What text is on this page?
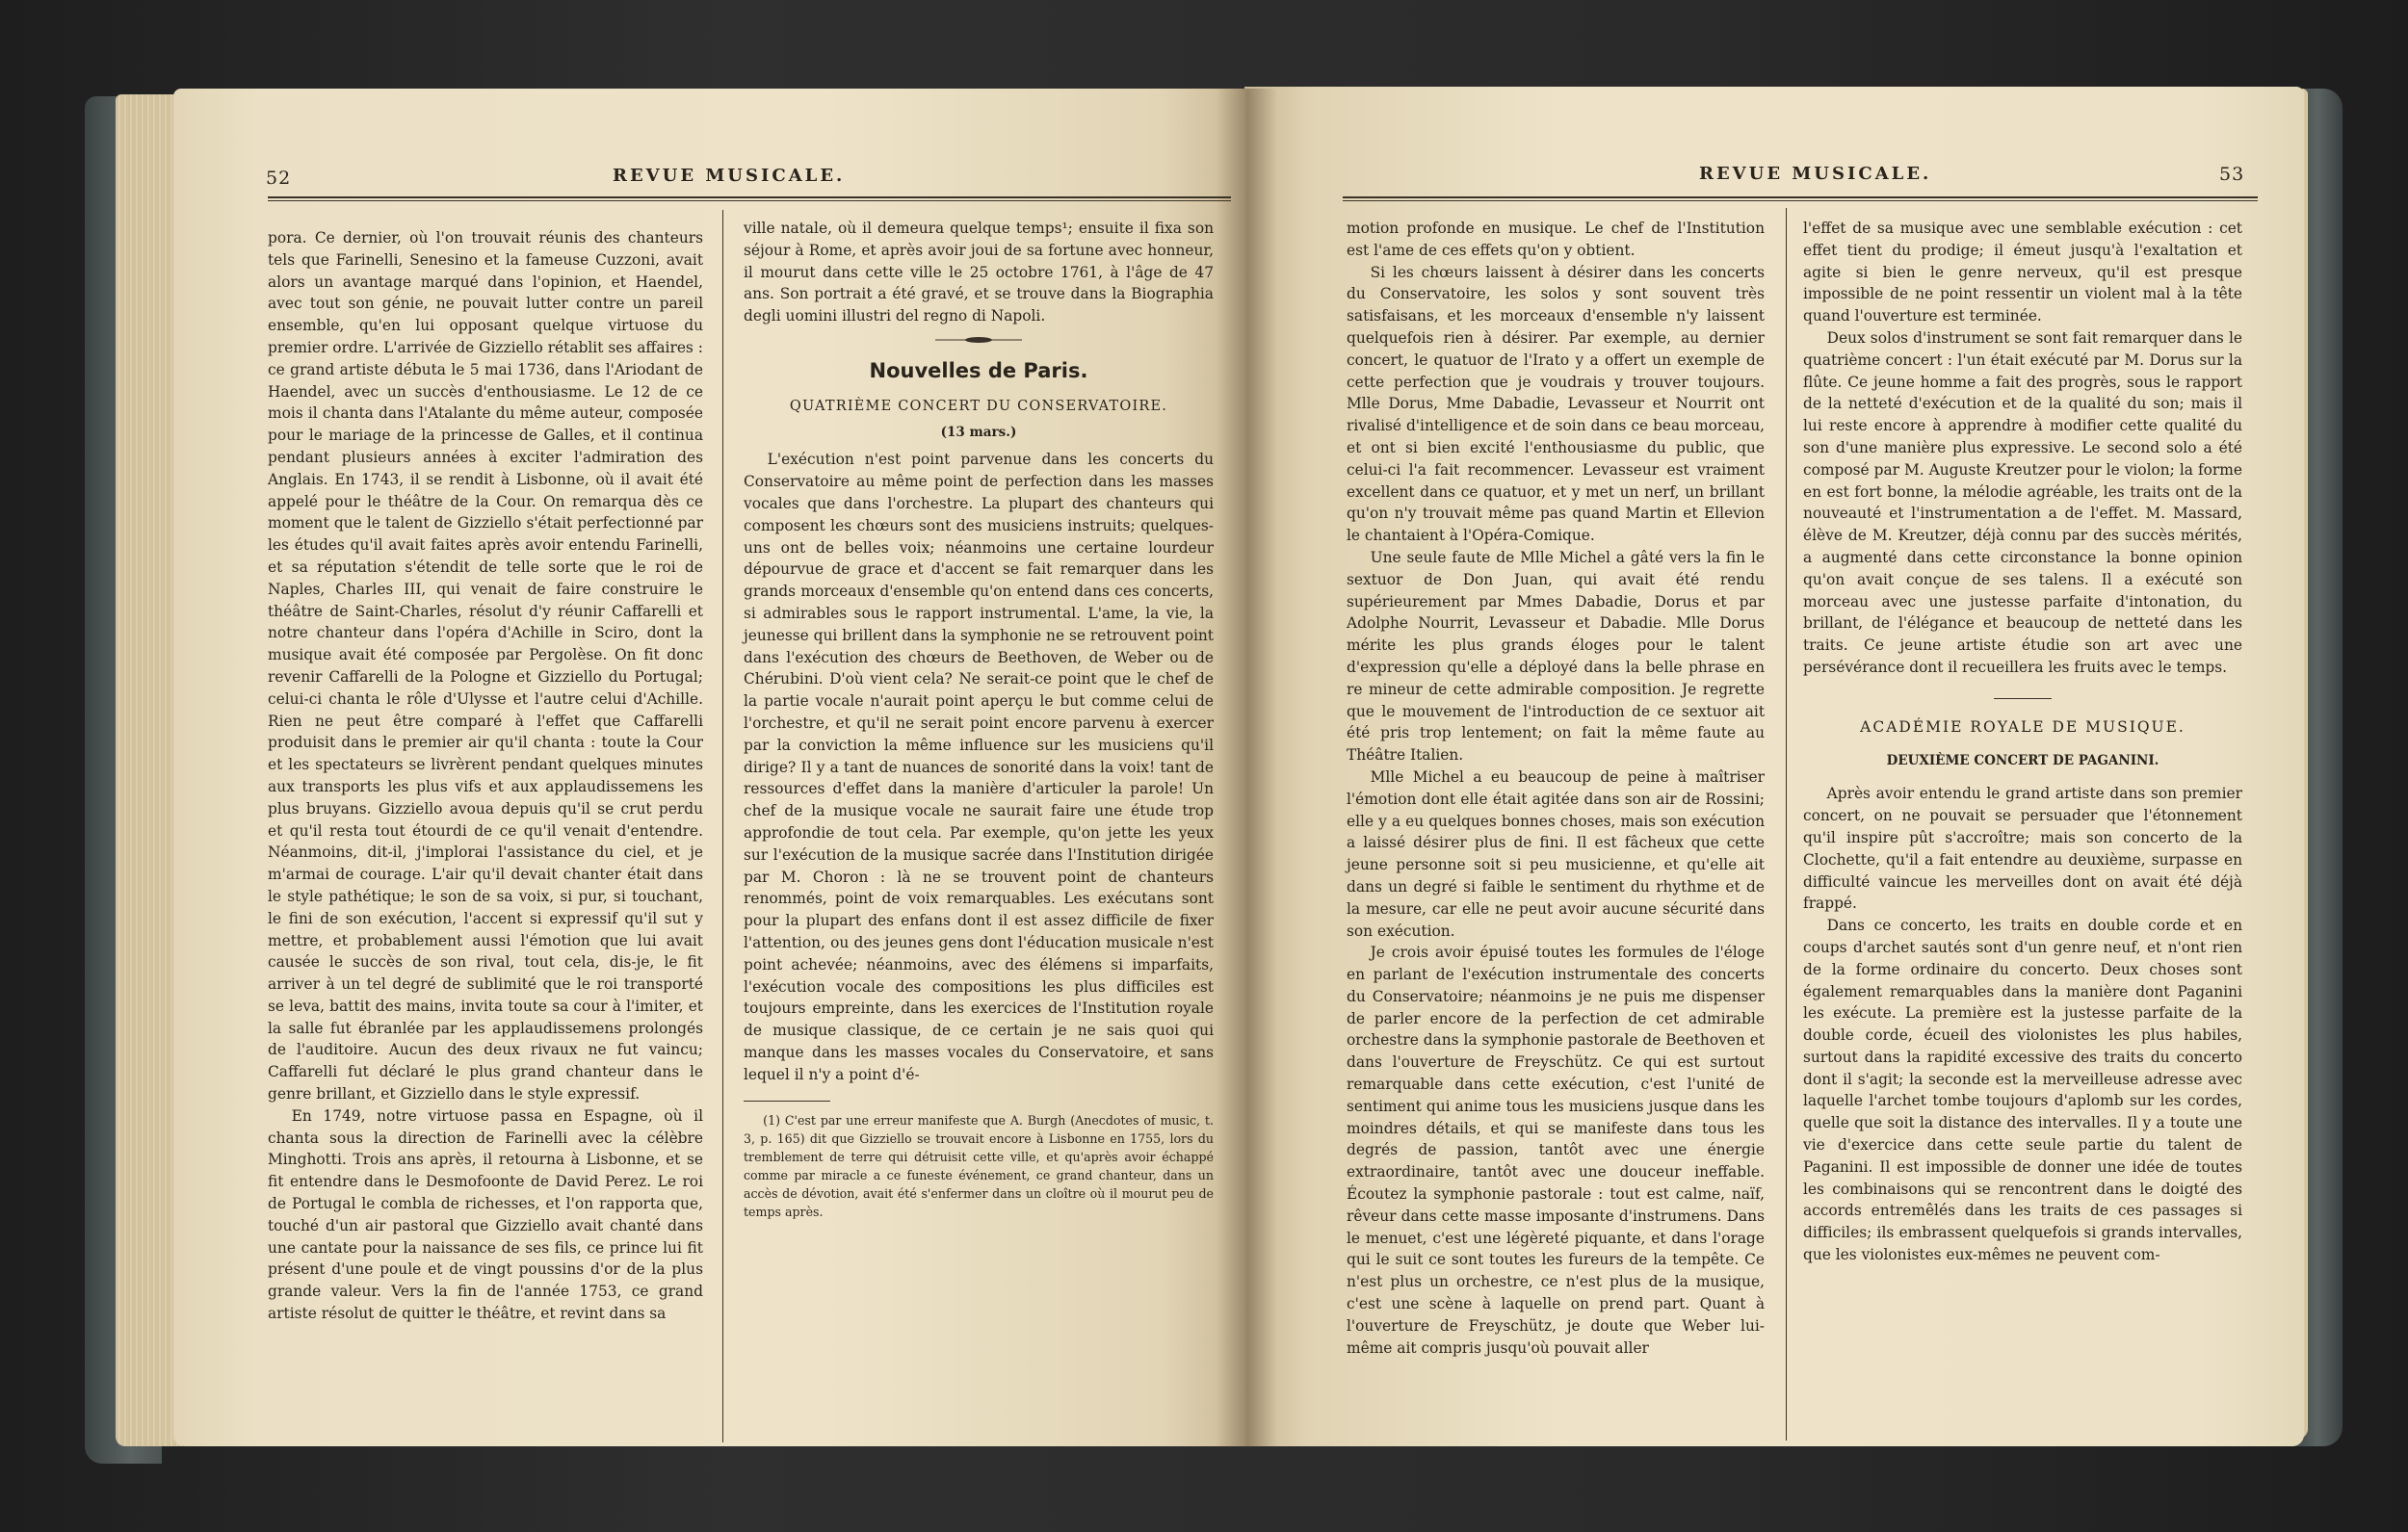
52	REVUE MUSICALE.

pora. Ce dernier, où l'on trouvait réunis des chanteurs tels que Farinelli, Senesino et la fameuse Cuzzoni, avait alors un avantage marqué dans l'opinion, et Haendel, avec tout son génie, ne pouvait lutter contre un pareil ensemble, qu'en lui opposant quelque virtuose du premier ordre. L'arrivée de Gizziello rétablit ses affaires : ce grand artiste débuta le 5 mai 1736, dans l'Ariodant de Haendel, avec un succès d'enthousiasme. Le 12 de ce mois il chanta dans l'Atalante du même auteur, composée pour le mariage de la princesse de Galles, et il continua pendant plusieurs années à exciter l'admiration des Anglais. En 1743, il se rendit à Lisbonne, où il avait été appelé pour le théâtre de la Cour. On remarqua dès ce moment que le talent de Gizziello s'était perfectionné par les études qu'il avait faites après avoir entendu Farinelli, et sa réputation s'étendit de telle sorte que le roi de Naples, Charles III, qui venait de faire construire le théâtre de Saint-Charles, résolut d'y réunir Caffarelli et notre chanteur dans l'opéra d'Achille in Sciro, dont la musique avait été composée par Pergolèse. On fit donc revenir Caffarelli de la Pologne et Gizziello du Portugal; celui-ci chanta le rôle d'Ulysse et l'autre celui d'Achille. Rien ne peut être comparé à l'effet que Caffarelli produisit dans le premier air qu'il chanta : toute la Cour et les spectateurs se livrèrent pendant quelques minutes aux transports les plus vifs et aux applaudissemens les plus bruyans. Gizziello avoua depuis qu'il se crut perdu et qu'il resta tout étourdi de ce qu'il venait d'entendre. Néanmoins, dit-il, j'implorai l'assistance du ciel, et je m'armai de courage. L'air qu'il devait chanter était dans le style pathétique; le son de sa voix, si pur, si touchant, le fini de son exécution, l'accent si expressif qu'il sut y mettre, et probablement aussi l'émotion que lui avait causée le succès de son rival, tout cela, dis-je, le fit arriver à un tel degré de sublimité que le roi transporté se leva, battit des mains, invita toute sa cour à l'imiter, et la salle fut ébranlée par les applaudissemens prolongés de l'auditoire. Aucun des deux rivaux ne fut vaincu; Caffarelli fut déclaré le plus grand chanteur dans le genre brillant, et Gizziello dans le style expressif.

En 1749, notre virtuose passa en Espagne, où il chanta sous la direction de Farinelli avec la célèbre Minghotti. Trois ans après, il retourna à Lisbonne, et se fit entendre dans le Desmofoonte de David Perez. Le roi de Portugal le combla de richesses, et l'on rapporta que, touché d'un air pastoral que Gizziello avait chanté dans une cantate pour la naissance de ses fils, ce prince lui fit présent d'une poule et de vingt poussins d'or de la plus grande valeur. Vers la fin de l'année 1753, ce grand artiste résolut de quitter le théâtre, et revint dans sa

ville natale, où il demeura quelque temps¹; ensuite il fixa son séjour à Rome, et après avoir joui de sa fortune avec honneur, il mourut dans cette ville le 25 octobre 1761, à l'âge de 47 ans. Son portrait a été gravé, et se trouve dans la Biographia degli uomini illustri del regno di Napoli.

Nouvelles de Paris.
QUATRIÈME CONCERT DU CONSERVATOIRE.
(13 mars.)

L'exécution n'est point parvenue dans les concerts du Conservatoire au même point de perfection dans les masses vocales que dans l'orchestre. La plupart des chanteurs qui composent les chœurs sont des musiciens instruits; quelques-uns ont de belles voix; néanmoins une certaine lourdeur dépourvue de grace et d'accent se fait remarquer dans les grands morceaux d'ensemble qu'on entend dans ces concerts, si admirables sous le rapport instrumental. L'ame, la vie, la jeunesse qui brillent dans la symphonie ne se retrouvent point dans l'exécution des chœurs de Beethoven, de Weber ou de Chérubini. D'où vient cela? Ne serait-ce point que le chef de la partie vocale n'aurait point aperçu le but comme celui de l'orchestre, et qu'il ne serait point encore parvenu à exercer par la conviction la même influence sur les musiciens qu'il dirige? Il y a tant de nuances de sonorité dans la voix! tant de ressources d'effet dans la manière d'articuler la parole! Un chef de la musique vocale ne saurait faire une étude trop approfondie de tout cela. Par exemple, qu'on jette les yeux sur l'exécution de la musique sacrée dans l'Institution dirigée par M. Choron : là ne se trouvent point de chanteurs renommés, point de voix remarquables. Les exécutans sont pour la plupart des enfans dont il est assez difficile de fixer l'attention, ou des jeunes gens dont l'éducation musicale n'est point achevée; néanmoins, avec des élémens si imparfaits, l'exécution vocale des compositions les plus difficiles est toujours empreinte, dans les exercices de l'Institution royale de musique classique, de ce certain je ne sais quoi qui manque dans les masses vocales du Conservatoire, et sans lequel il n'y a point d'é-

(1) C'est par une erreur manifeste que A. Burgh (Anecdotes of music, t. 3, p. 165) dit que Gizziello se trouvait encore à Lisbonne en 1755, lors du tremblement de terre qui détruisit cette ville, et qu'après avoir échappé comme par miracle a ce funeste événement, ce grand chanteur, dans un accès de dévotion, avait été s'enfermer dans un cloître où il mourut peu de temps après.

REVUE MUSICALE.	53

motion profonde en musique. Le chef de l'Institution est l'ame de ces effets qu'on y obtient.

Si les chœurs laissent à désirer dans les concerts du Conservatoire, les solos y sont souvent très satisfaisans, et les morceaux d'ensemble n'y laissent quelquefois rien à désirer. Par exemple, au dernier concert, le quatuor de l'Irato y a offert un exemple de cette perfection que je voudrais y trouver toujours. Mlle Dorus, Mme Dabadie, Levasseur et Nourrit ont rivalisé d'intelligence et de soin dans ce beau morceau, et ont si bien excité l'enthousiasme du public, que celui-ci l'a fait recommencer. Levasseur est vraiment excellent dans ce quatuor, et y met un nerf, un brillant qu'on n'y trouvait même pas quand Martin et Ellevion le chantaient à l'Opéra-Comique.

Une seule faute de Mlle Michel a gâté vers la fin le sextuor de Don Juan, qui avait été rendu supérieurement par Mmes Dabadie, Dorus et par Adolphe Nourrit, Levasseur et Dabadie. Mlle Dorus mérite les plus grands éloges pour le talent d'expression qu'elle a déployé dans la belle phrase en re mineur de cette admirable composition. Je regrette que le mouvement de l'introduction de ce sextuor ait été pris trop lentement; on fait la même faute au Théâtre Italien.

Mlle Michel a eu beaucoup de peine à maîtriser l'émotion dont elle était agitée dans son air de Rossini; elle y a eu quelques bonnes choses, mais son exécution a laissé désirer plus de fini. Il est fâcheux que cette jeune personne soit si peu musicienne, et qu'elle ait dans un degré si faible le sentiment du rhythme et de la mesure, car elle ne peut avoir aucune sécurité dans son exécution.

Je crois avoir épuisé toutes les formules de l'éloge en parlant de l'exécution instrumentale des concerts du Conservatoire; néanmoins je ne puis me dispenser de parler encore de la perfection de cet admirable orchestre dans la symphonie pastorale de Beethoven et dans l'ouverture de Freyschütz. Ce qui est surtout remarquable dans cette exécution, c'est l'unité de sentiment qui anime tous les musiciens jusque dans les moindres détails, et qui se manifeste dans tous les degrés de passion, tantôt avec une énergie extraordinaire, tantôt avec une douceur ineffable. Écoutez la symphonie pastorale : tout est calme, naïf, rêveur dans cette masse imposante d'instrumens. Dans le menuet, c'est une légèreté piquante, et dans l'orage qui le suit ce sont toutes les fureurs de la tempête. Ce n'est plus un orchestre, ce n'est plus de la musique, c'est une scène à laquelle on prend part. Quant à l'ouverture de Freyschütz, je doute que Weber lui-même ait compris jusqu'où pouvait aller

l'effet de sa musique avec une semblable exécution : cet effet tient du prodige; il émeut jusqu'à l'exaltation et agite si bien le genre nerveux, qu'il est presque impossible de ne point ressentir un violent mal à la tête quand l'ouverture est terminée.

Deux solos d'instrument se sont fait remarquer dans le quatrième concert : l'un était exécuté par M. Dorus sur la flûte. Ce jeune homme a fait des progrès, sous le rapport de la netteté d'exécution et de la qualité du son; mais il lui reste encore à apprendre à modifier cette qualité du son d'une manière plus expressive. Le second solo a été composé par M. Auguste Kreutzer pour le violon; la forme en est fort bonne, la mélodie agréable, les traits ont de la nouveauté et l'instrumentation a de l'effet. M. Massard, élève de M. Kreutzer, déjà connu par des succès mérités, a augmenté dans cette circonstance la bonne opinion qu'on avait conçue de ses talens. Il a exécuté son morceau avec une justesse parfaite d'intonation, du brillant, de l'élégance et beaucoup de netteté dans les traits. Ce jeune artiste étudie son art avec une persévérance dont il recueillera les fruits avec le temps.

ACADÉMIE ROYALE DE MUSIQUE.
DEUXIÈME CONCERT DE PAGANINI.

Après avoir entendu le grand artiste dans son premier concert, on ne pouvait se persuader que l'étonnement qu'il inspire pût s'accroître; mais son concerto de la Clochette, qu'il a fait entendre au deuxième, surpasse en difficulté vaincue les merveilles dont on avait été déjà frappé.

Dans ce concerto, les traits en double corde et en coups d'archet sautés sont d'un genre neuf, et n'ont rien de la forme ordinaire du concerto. Deux choses sont également remarquables dans la manière dont Paganini les exécute. La première est la justesse parfaite de la double corde, écueil des violonistes les plus habiles, surtout dans la rapidité excessive des traits du concerto dont il s'agit; la seconde est la merveilleuse adresse avec laquelle l'archet tombe toujours d'aplomb sur les cordes, quelle que soit la distance des intervalles. Il y a toute une vie d'exercice dans cette seule partie du talent de Paganini. Il est impossible de donner une idée de toutes les combinaisons qui se rencontrent dans le doigté des accords entremêlés dans les traits de ces passages si difficiles; ils embrassent quelquefois si grands intervalles, que les violonistes eux-mêmes ne peuvent com-
